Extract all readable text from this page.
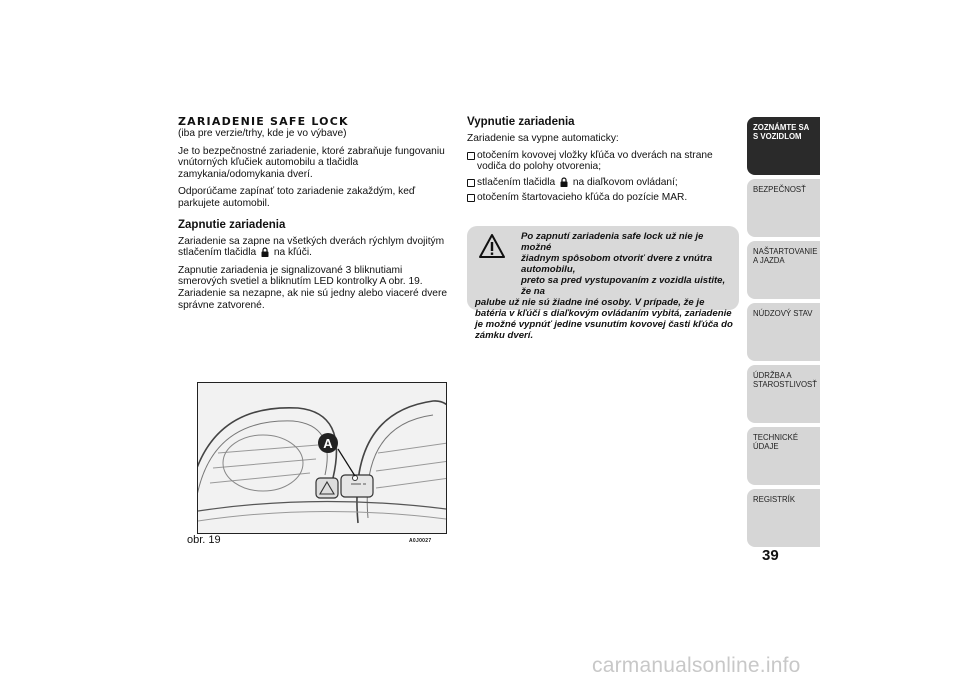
ZARIADENIE SAFE LOCK

(iba pre verzie/trhy, kde je vo výbave)

Je to bezpečnostné zariadenie, ktoré zabraňuje fungovaniu vnútorných kľučiek automobilu a tlačidla zamykania/odomykania dverí.

Odporúčame zapínať toto zariadenie zakaždým, keď parkujete automobil.

Zapnutie zariadenia

Zariadenie sa zapne na všetkých dverách rýchlym dvojitým stlačením tlačidla na kľúči.

Zapnutie zariadenia je signalizované 3 bliknutiami smerových svetiel a bliknutím LED kontrolky A obr. 19. Zariadenie sa nezapne, ak nie sú jedny alebo viaceré dvere správne zatvorené.

Vypnutie zariadenia

Zariadenie sa vypne automaticky:

otočením kovovej vložky kľúča vo dverách na strane vodiča do polohy otvorenia;
stlačením tlačidla na diaľkovom ovládaní;
otočením štartovacieho kľúča do pozície MAR.
Po zapnutí zariadenia safe lock už nie je možné
žiadnym spôsobom otvoriť dvere z vnútra automobilu,
preto sa pred vystupovaním z vozidla uistite, že na
palube už nie sú žiadne iné osoby. V prípade, že je batéria v kľúči s diaľkovým ovládaním vybitá, zariadenie je možné vypnúť jedine vsunutím kovovej časti kľúča do zámku dverí.
A
obr. 19	A0J0027
ZOZNÁMTE SA S VOZIDLOM
BEZPEČNOSŤ
NAŠTARTOVANIE A JAZDA
NÚDZOVÝ STAV
ÚDRŽBA A STAROSTLIVOSŤ
TECHNICKÉ ÚDAJE
REGISTRÍK
39
carmanualsonline.info
